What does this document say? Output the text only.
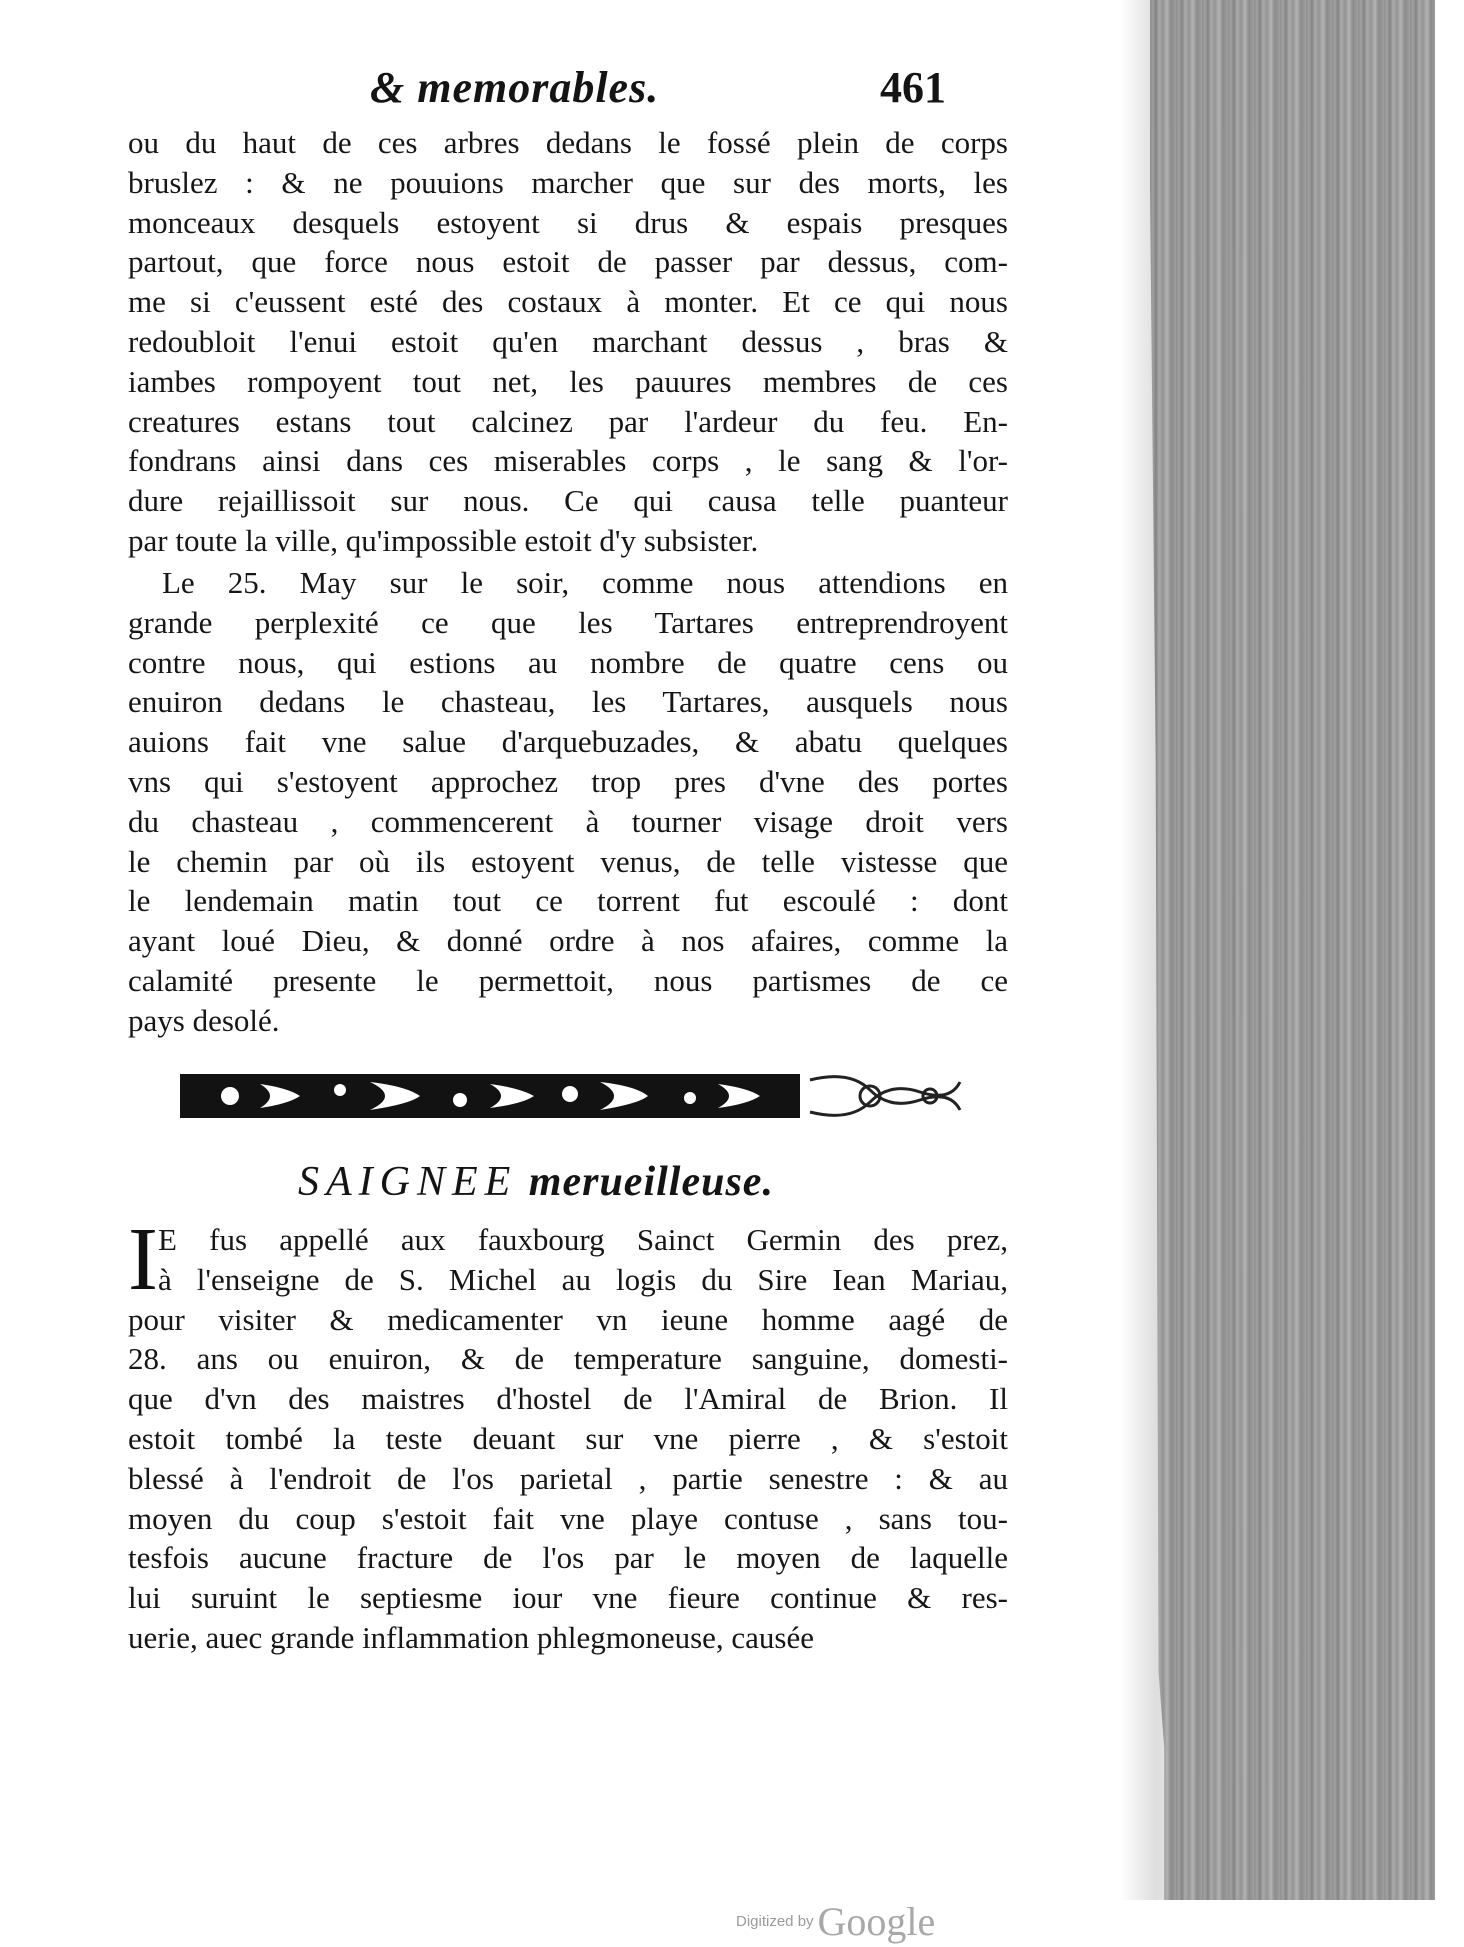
& memorables.	461
ou du haut de ces arbres dedans le fossé plein de corps
bruslez : & ne pouuions marcher que sur des morts, les
monceaux desquels estoyent si drus & espais presques
partout, que force nous estoit de passer par dessus, com-
me si c'eussent esté des costaux à monter. Et ce qui nous
redoubloit l'enui estoit qu'en marchant dessus , bras &
iambes rompoyent tout net, les pauures membres de ces
creatures estans tout calcinez par l'ardeur du feu. En-
fondrans ainsi dans ces miserables corps , le sang & l'or-
dure rejaillissoit sur nous. Ce qui causa telle puanteur
par toute la ville, qu'impossible estoit d'y subsister.
Le 25. May sur le soir, comme nous attendions en
grande perplexité ce que les Tartares entreprendroyent
contre nous, qui estions au nombre de quatre cens ou
enuiron dedans le chasteau, les Tartares, ausquels nous
auions fait vne salue d'arquebuzades, & abatu quelques
vns qui s'estoyent approchez trop pres d'vne des portes
du chasteau , commencerent à tourner visage droit vers
le chemin par où ils estoyent venus, de telle vistesse que
le lendemain matin tout ce torrent fut escoulé : dont
ayant loué Dieu, & donné ordre à nos afaires, comme la
calamité presente le permettoit, nous partismes de ce
pays desolé.
SAIGNEE merueilleuse.
I E fus appellé aux fauxbourg Sainct Germin des prez,
à l'enseigne de S. Michel au logis du Sire Iean Mariau,
pour visiter & medicamenter vn ieune homme aagé de
28. ans ou enuiron, & de temperature sanguine, domesti-
que d'vn des maistres d'hostel de l'Amiral de Brion. Il
estoit tombé la teste deuant sur vne pierre , & s'estoit
blessé à l'endroit de l'os parietal , partie senestre : & au
moyen du coup s'estoit fait vne playe contuse , sans tou-
tesfois aucune fracture de l'os par le moyen de laquelle
lui suruint le septiesme iour vne fieure continue & res-
uerie, auec grande inflammation phlegmoneuse, causée
Digitized by Google
